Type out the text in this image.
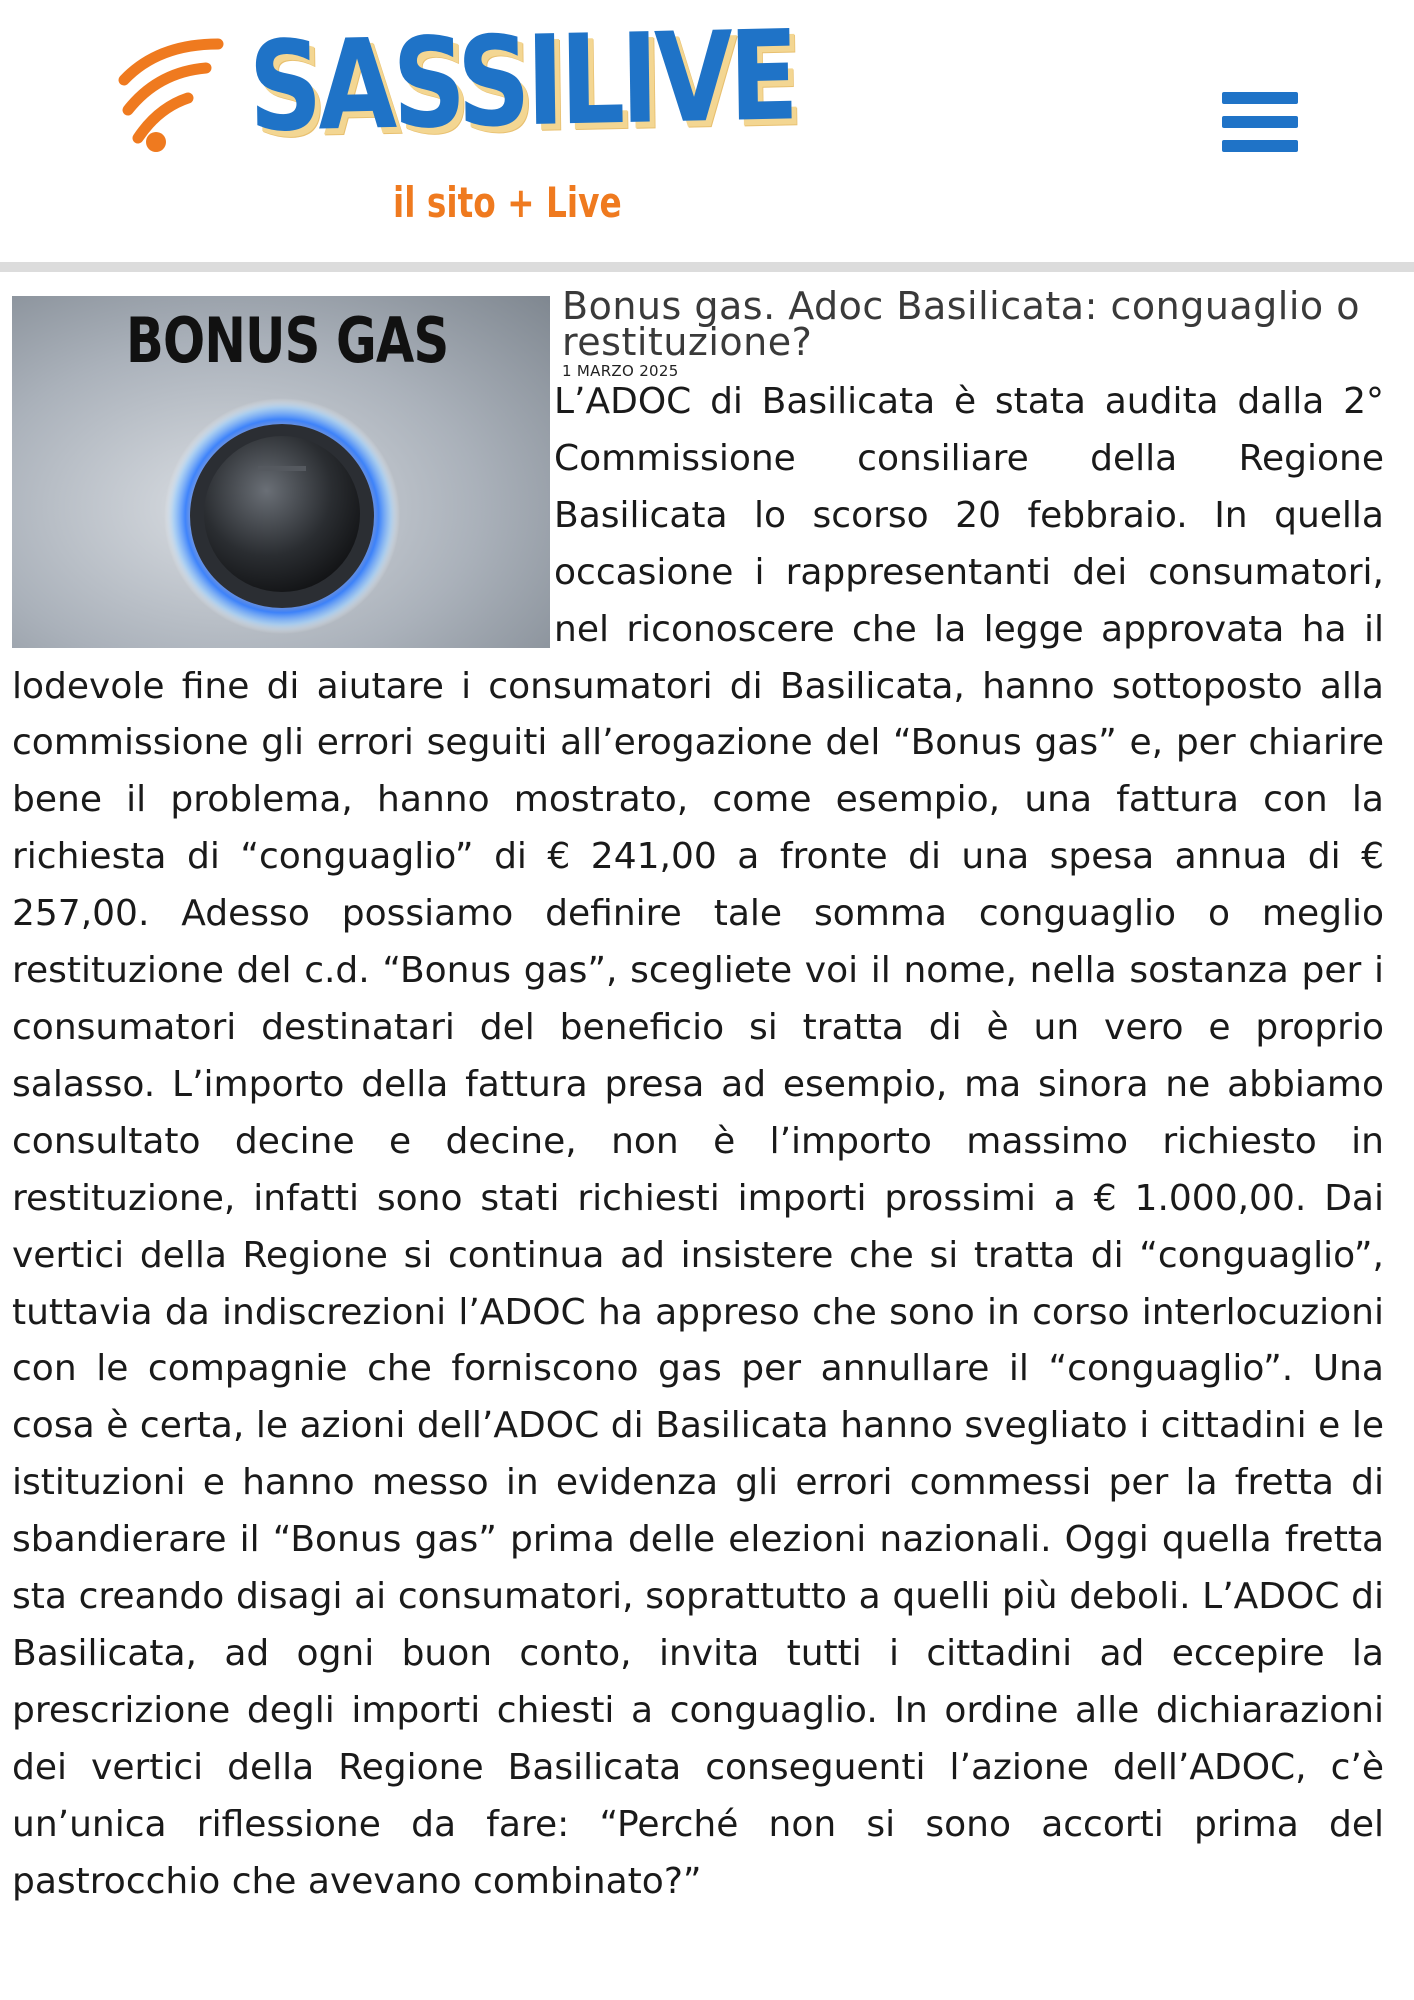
SASSILIVE
il sito + Live
BONUS GAS	Bonus gas. Adoc Basilicata: conguaglio o restituzione?
1 MARZO 2025
L’ADOC di Basilicata è stata audita dalla 2° Commissione consiliare della Regione Basilicata lo scorso 20 febbraio. In quella occasione i rappresentanti dei consumatori, nel riconoscere che la legge approvata ha il lodevole fine di aiutare i consumatori di Basilicata, hanno sottoposto alla commissione gli errori seguiti all’erogazione del “Bonus gas” e, per chiarire bene il problema, hanno mostrato, come esempio, una fattura con la richiesta di “conguaglio” di € 241,00 a fronte di una spesa annua di € 257,00. Adesso possiamo definire tale somma conguaglio o meglio restituzione del c.d. “Bonus gas”, scegliete voi il nome, nella sostanza per i consumatori destinatari del beneficio si tratta di è un vero e proprio salasso. L’importo della fattura presa ad esempio, ma sinora ne abbiamo consultato decine e decine, non è l’importo massimo richiesto in restituzione, infatti sono stati richiesti importi prossimi a € 1.000,00. Dai vertici della Regione si continua ad insistere che si tratta di “conguaglio”, tuttavia da indiscrezioni l’ADOC ha appreso che sono in corso interlocuzioni con le compagnie che forniscono gas per annullare il “conguaglio”. Una cosa è certa, le azioni dell’ADOC di Basilicata hanno svegliato i cittadini e le istituzioni e hanno messo in evidenza gli errori commessi per la fretta di sbandierare il “Bonus gas” prima delle elezioni nazionali. Oggi quella fretta sta creando disagi ai consumatori, soprattutto a quelli più deboli. L’ADOC di Basilicata, ad ogni buon conto, invita tutti i cittadini ad eccepire la prescrizione degli importi chiesti a conguaglio. In ordine alle dichiarazioni dei vertici della Regione Basilicata conseguenti l’azione dell’ADOC, c’è un’unica riflessione da fare: “Perché non si sono accorti prima del pastrocchio che avevano combinato?”
